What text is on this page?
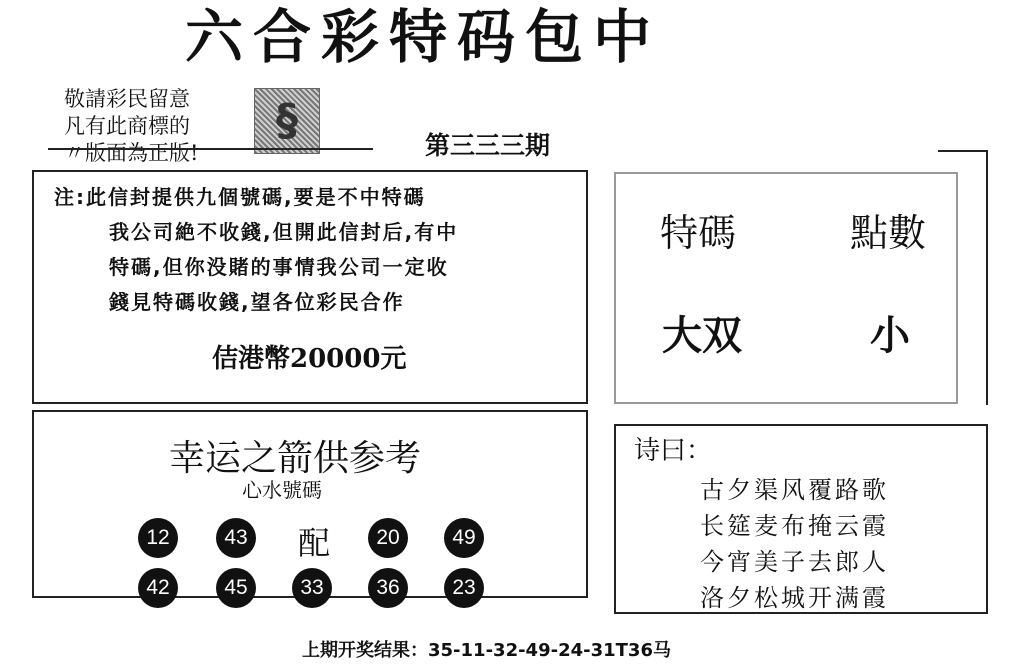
六合彩特码包中
敬請彩民留意
凡有此商標的
〃版面為正版!
§	第三三三期
注:此信封提供九個號碼,要是不中特碼
我公司絶不收錢,但開此信封后,有中
特碼,但你没賭的事情我公司一定收
錢見特碼收錢,望各位彩民合作
佶港幣20000元
特碼	點數
大双	小
幸运之箭供参考
心水號碼
12	43 配	20	49
42	45	33	36	23
诗曰：
古夕渠风覆路歌
长筵麦布掩云霞
今宵美子去郎人
洛夕松城开满霞
上期开奖结果：35-11-32-49-24-31T36马
